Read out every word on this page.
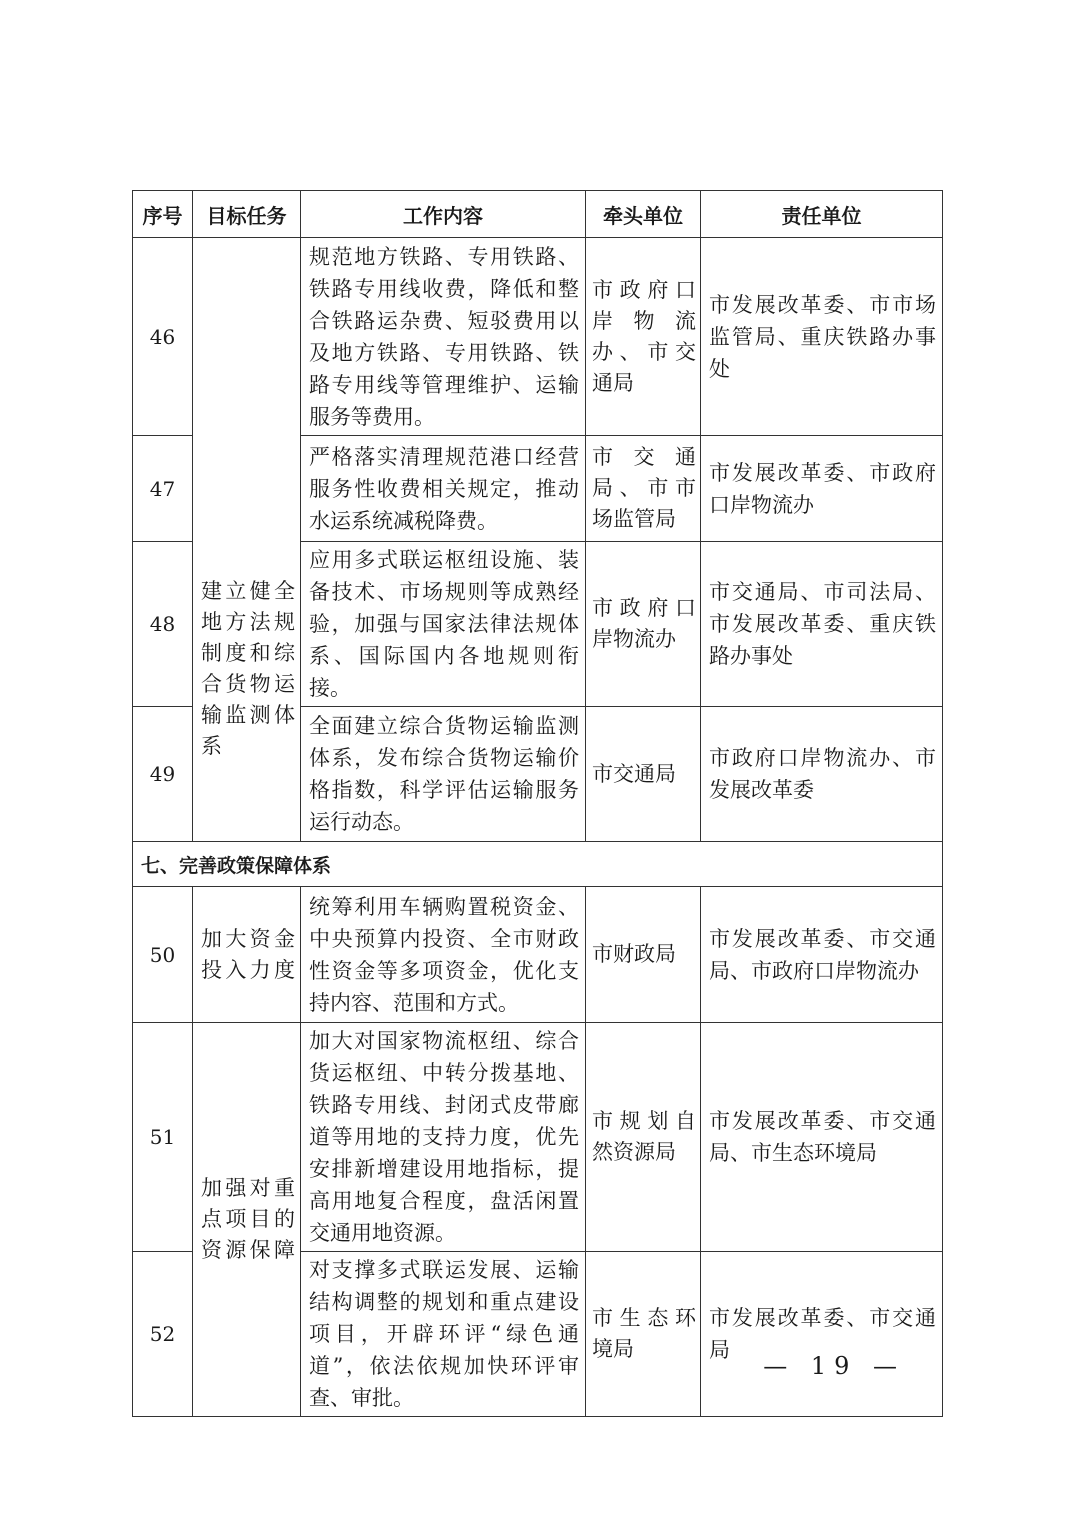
序号	目标任务	工作内容	牵头单位	责任单位
46	建立健全地方法规制度和综合货物运输监测体系	规范地方铁路、专用铁路、铁路专用线收费，降低和整合铁路运杂费、短驳费用以及地方铁路、专用铁路、铁路专用线等管理维护、运输服务等费用。	市政府口岸物流办、市交通局	市发展改革委、市市场监管局、重庆铁路办事处
47		严格落实清理规范港口经营服务性收费相关规定，推动水运系统减税降费。	市交通局、市市场监管局	市发展改革委、市政府口岸物流办
48		应用多式联运枢纽设施、装备技术、市场规则等成熟经验，加强与国家法律法规体系、国际国内各地规则衔接。	市政府口岸物流办	市交通局、市司法局、市发展改革委、重庆铁路办事处
49		全面建立综合货物运输监测体系，发布综合货物运输价格指数，科学评估运输服务运行动态。	市交通局	市政府口岸物流办、市发展改革委
七、完善政策保障体系				
50	加大资金投入力度	统筹利用车辆购置税资金、中央预算内投资、全市财政性资金等多项资金，优化支持内容、范围和方式。	市财政局	市发展改革委、市交通局、市政府口岸物流办
51	加强对重点项目的资源保障	加大对国家物流枢纽、综合货运枢纽、中转分拨基地、铁路专用线、封闭式皮带廊道等用地的支持力度，优先安排新增建设用地指标，提高用地复合程度，盘活闲置交通用地资源。	市规划自然资源局	市发展改革委、市交通局、市生态环境局
52		对支撑多式联运发展、运输结构调整的规划和重点建设项目，开辟环评“绿色通道”，依法依规加快环评审查、审批。	市生态环境局	市发展改革委、市交通局
— 19 —
